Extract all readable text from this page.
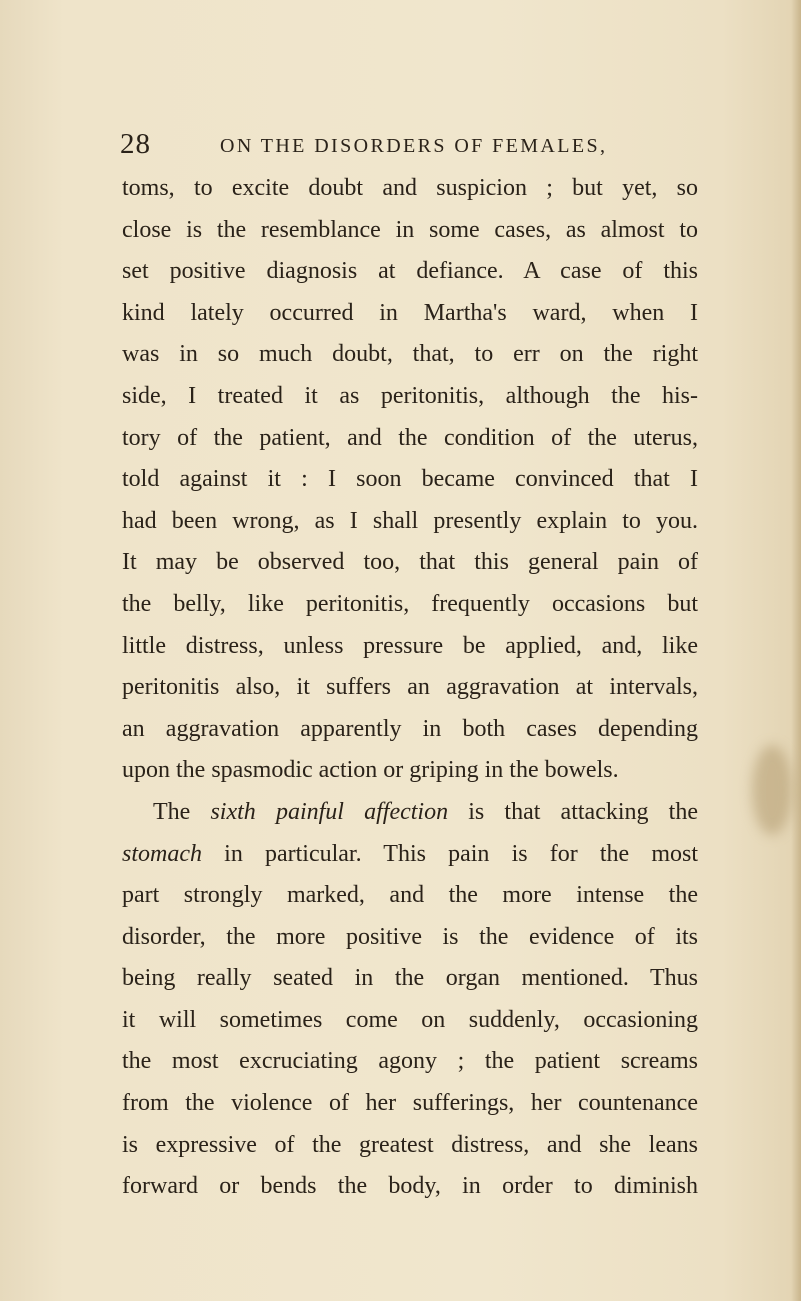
28	ON THE DISORDERS OF FEMALES,
toms, to excite doubt and suspicion ; but yet, so
close is the resemblance in some cases, as almost to
set positive diagnosis at defiance. A case of this
kind lately occurred in Martha's ward, when I
was in so much doubt, that, to err on the right
side, I treated it as peritonitis, although the his-
tory of the patient, and the condition of the uterus,
told against it : I soon became convinced that I
had been wrong, as I shall presently explain to you.
It may be observed too, that this general pain of
the belly, like peritonitis, frequently occasions but
little distress, unless pressure be applied, and, like
peritonitis also, it suffers an aggravation at intervals,
an aggravation apparently in both cases depending
upon the spasmodic action or griping in the bowels.
The sixth painful affection is that attacking the
stomach in particular. This pain is for the most
part strongly marked, and the more intense the
disorder, the more positive is the evidence of its
being really seated in the organ mentioned. Thus
it will sometimes come on suddenly, occasioning
the most excruciating agony ; the patient screams
from the violence of her sufferings, her countenance
is expressive of the greatest distress, and she leans
forward or bends the body, in order to diminish
